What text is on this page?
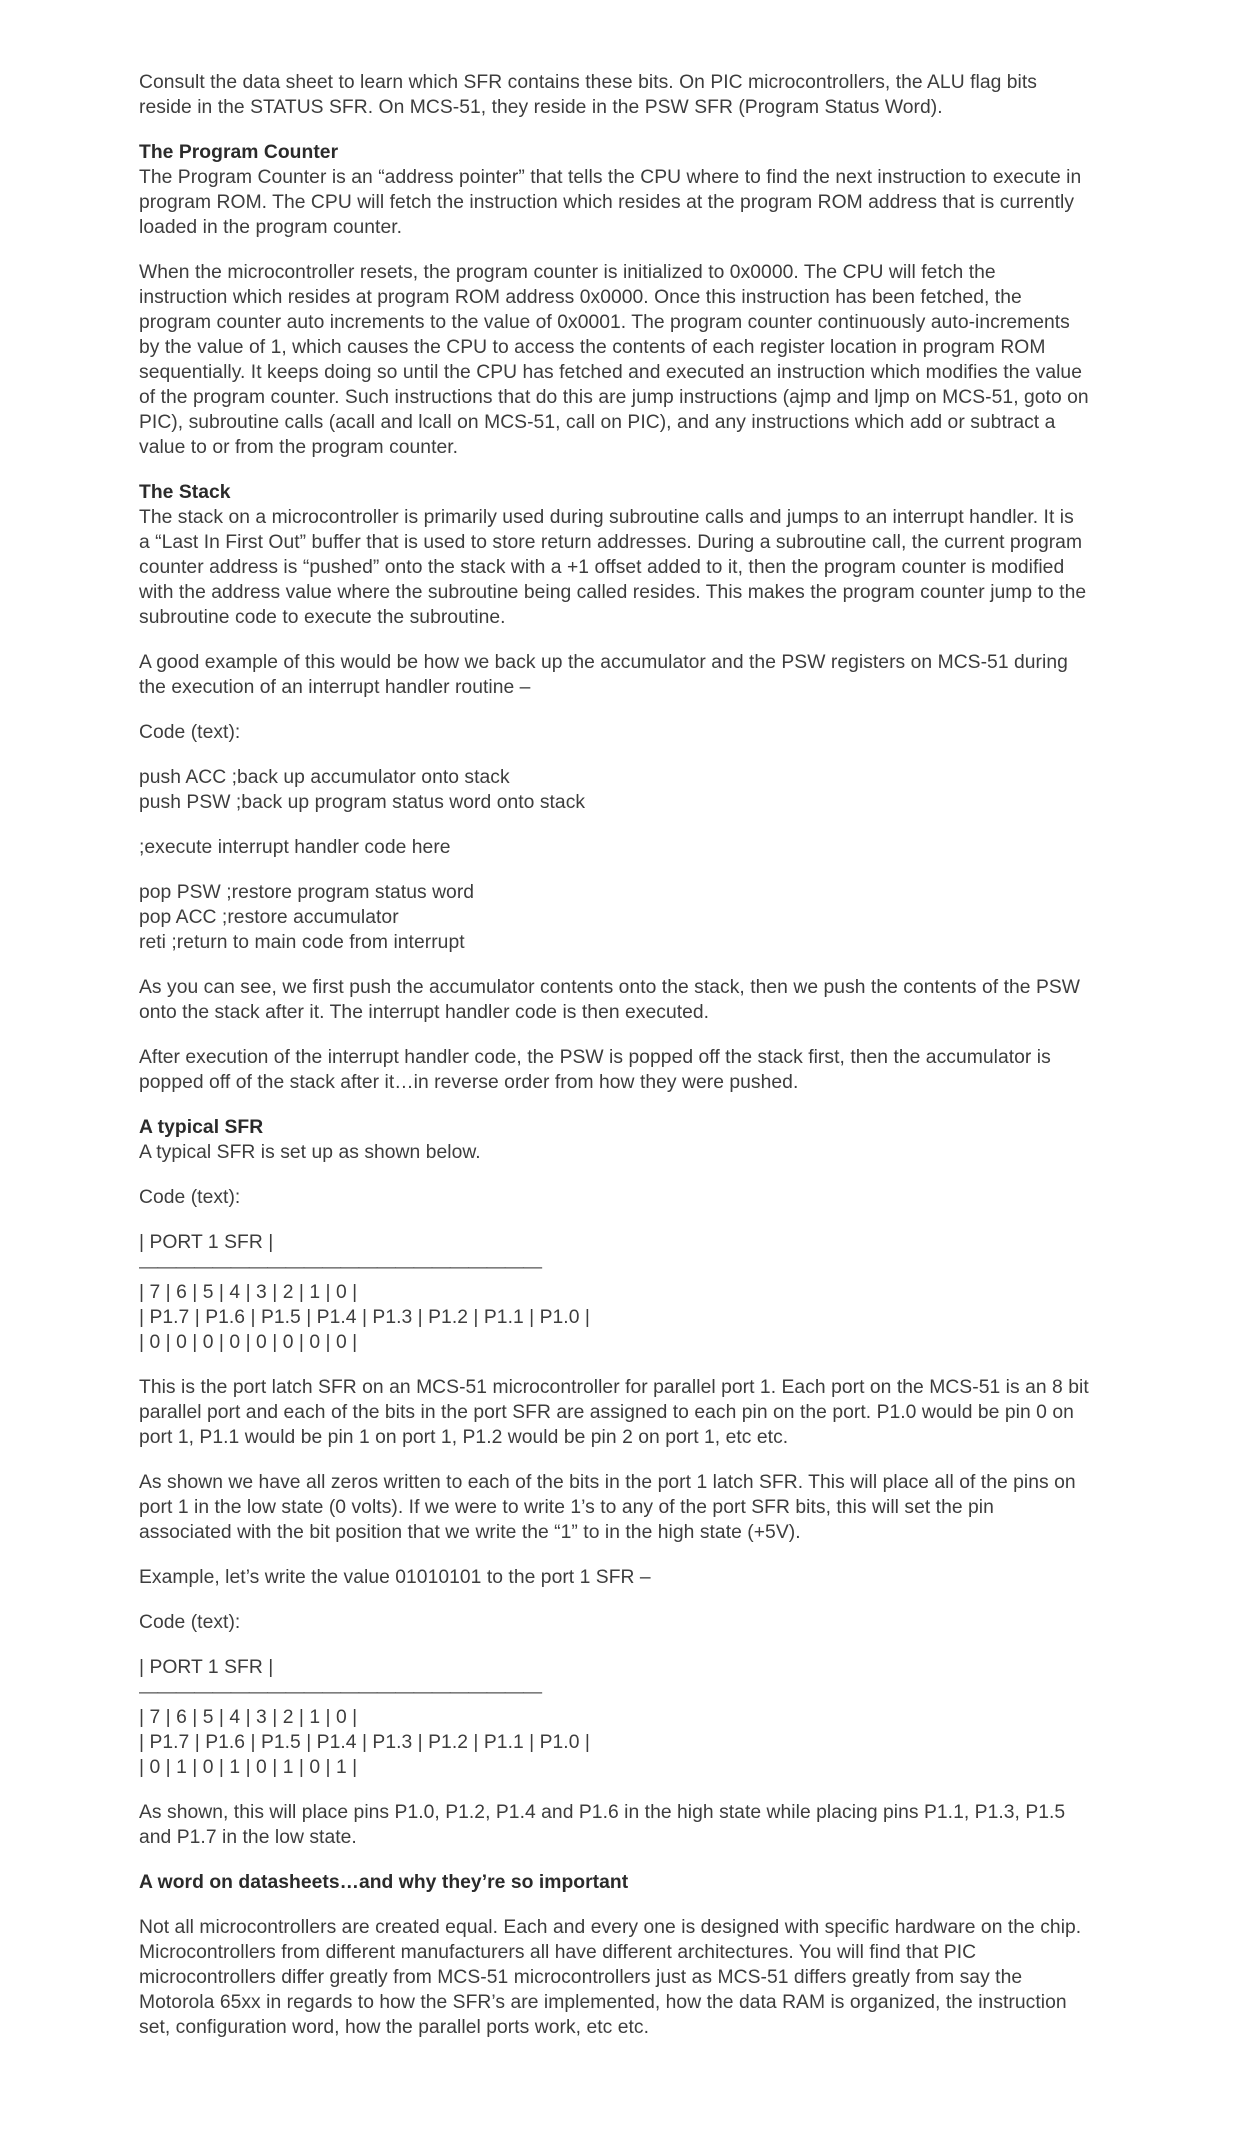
Consult the data sheet to learn which SFR contains these bits. On PIC microcontrollers, the ALU flag bits reside in the STATUS SFR. On MCS-51, they reside in the PSW SFR (Program Status Word).

The Program Counter
The Program Counter is an “address pointer” that tells the CPU where to find the next instruction to execute in program ROM. The CPU will fetch the instruction which resides at the program ROM address that is currently loaded in the program counter.

When the microcontroller resets, the program counter is initialized to 0x0000. The CPU will fetch the instruction which resides at program ROM address 0x0000. Once this instruction has been fetched, the program counter auto increments to the value of 0x0001. The program counter continuously auto-increments by the value of 1, which causes the CPU to access the contents of each register location in program ROM sequentially. It keeps doing so until the CPU has fetched and executed an instruction which modifies the value of the program counter. Such instructions that do this are jump instructions (ajmp and ljmp on MCS-51, goto on PIC), subroutine calls (acall and lcall on MCS-51, call on PIC), and any instructions which add or subtract a value to or from the program counter.

The Stack
The stack on a microcontroller is primarily used during subroutine calls and jumps to an interrupt handler. It is a “Last In First Out” buffer that is used to store return addresses. During a subroutine call, the current program counter address is “pushed” onto the stack with a +1 offset added to it, then the program counter is modified with the address value where the subroutine being called resides. This makes the program counter jump to the subroutine code to execute the subroutine.

A good example of this would be how we back up the accumulator and the PSW registers on MCS-51 during the execution of an interrupt handler routine –

Code (text):

push ACC ;back up accumulator onto stack
push PSW ;back up program status word onto stack

;execute interrupt handler code here

pop PSW ;restore program status word
pop ACC ;restore accumulator
reti ;return to main code from interrupt

As you can see, we first push the accumulator contents onto the stack, then we push the contents of the PSW onto the stack after it. The interrupt handler code is then executed.

After execution of the interrupt handler code, the PSW is popped off the stack first, then the accumulator is popped off of the stack after it…in reverse order from how they were pushed.

A typical SFR
A typical SFR is set up as shown below.

Code (text):

| PORT 1 SFR |
——————————————————————
| 7 | 6 | 5 | 4 | 3 | 2 | 1 | 0 |
| P1.7 | P1.6 | P1.5 | P1.4 | P1.3 | P1.2 | P1.1 | P1.0 |
| 0 | 0 | 0 | 0 | 0 | 0 | 0 | 0 |

This is the port latch SFR on an MCS-51 microcontroller for parallel port 1. Each port on the MCS-51 is an 8 bit parallel port and each of the bits in the port SFR are assigned to each pin on the port. P1.0 would be pin 0 on port 1, P1.1 would be pin 1 on port 1, P1.2 would be pin 2 on port 1, etc etc.

As shown we have all zeros written to each of the bits in the port 1 latch SFR. This will place all of the pins on port 1 in the low state (0 volts). If we were to write 1’s to any of the port SFR bits, this will set the pin associated with the bit position that we write the “1” to in the high state (+5V).

Example, let’s write the value 01010101 to the port 1 SFR –

Code (text):

| PORT 1 SFR |
——————————————————————
| 7 | 6 | 5 | 4 | 3 | 2 | 1 | 0 |
| P1.7 | P1.6 | P1.5 | P1.4 | P1.3 | P1.2 | P1.1 | P1.0 |
| 0 | 1 | 0 | 1 | 0 | 1 | 0 | 1 |

As shown, this will place pins P1.0, P1.2, P1.4 and P1.6 in the high state while placing pins P1.1, P1.3, P1.5 and P1.7 in the low state.

A word on datasheets…and why they’re so important

Not all microcontrollers are created equal. Each and every one is designed with specific hardware on the chip. Microcontrollers from different manufacturers all have different architectures. You will find that PIC microcontrollers differ greatly from MCS-51 microcontrollers just as MCS-51 differs greatly from say the Motorola 65xx in regards to how the SFR’s are implemented, how the data RAM is organized, the instruction set, configuration word, how the parallel ports work, etc etc.
